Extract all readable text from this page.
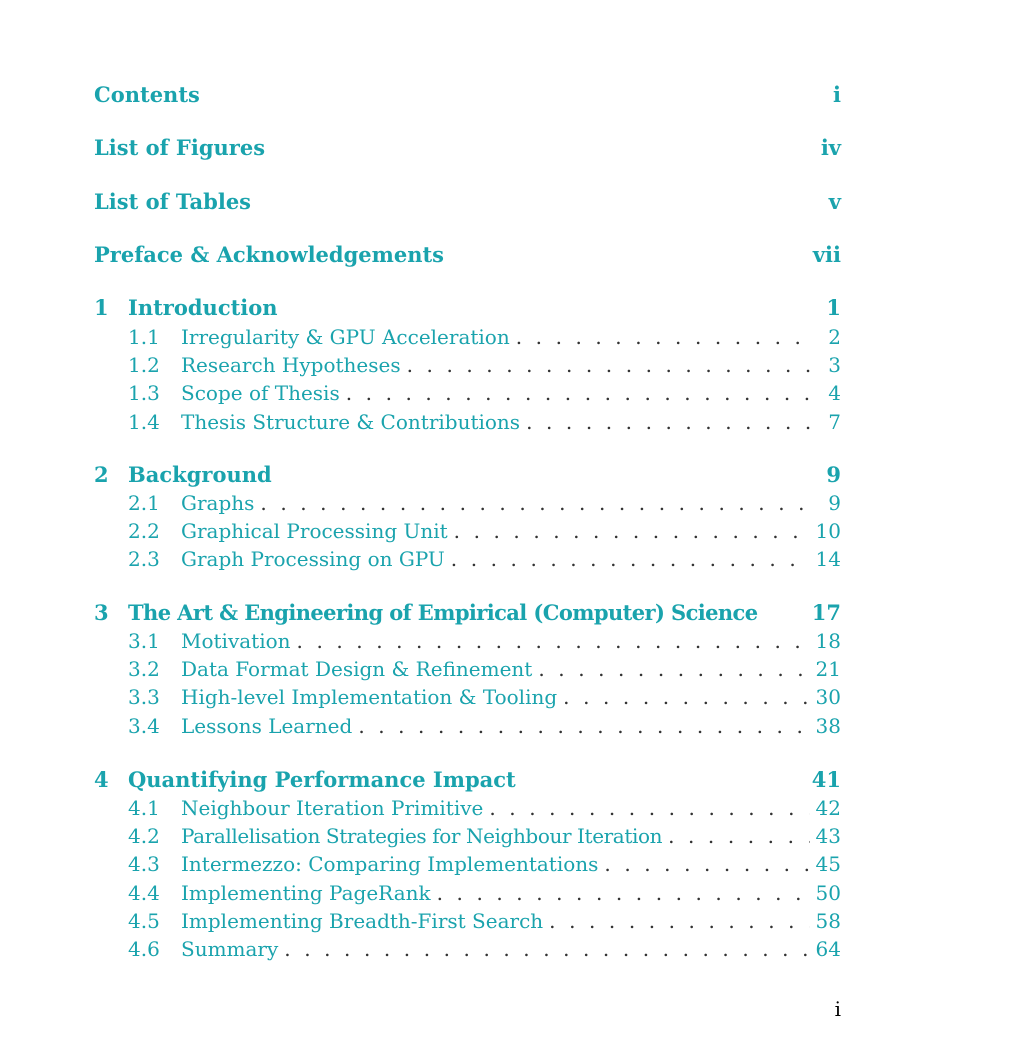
Contents	i
List of Figures	iv
List of Tables	v
Preface & Acknowledgements	vii
1 Introduction	1
1.1	Irregularity & GPU Acceleration . . .	2
1.2	Research Hypotheses . . .	3
1.3	Scope of Thesis . . .	4
1.4	Thesis Structure & Contributions . . .	7
2 Background	9
2.1	Graphs . . .	9
2.2	Graphical Processing Unit . . .	10
2.3	Graph Processing on GPU . . .	14
3 The Art & Engineering of Empirical (Computer) Science	17
3.1	Motivation . . .	18
3.2	Data Format Design & Refinement . . .	21
3.3	High-level Implementation & Tooling . . .	30
3.4	Lessons Learned . . .	38
4 Quantifying Performance Impact	41
4.1	Neighbour Iteration Primitive . . .	42
4.2	Parallelisation Strategies for Neighbour Iteration . . .	43
4.3	Intermezzo: Comparing Implementations . . .	45
4.4	Implementing PageRank . . .	50
4.5	Implementing Breadth-First Search . . .	58
4.6	Summary . . .	64
i
